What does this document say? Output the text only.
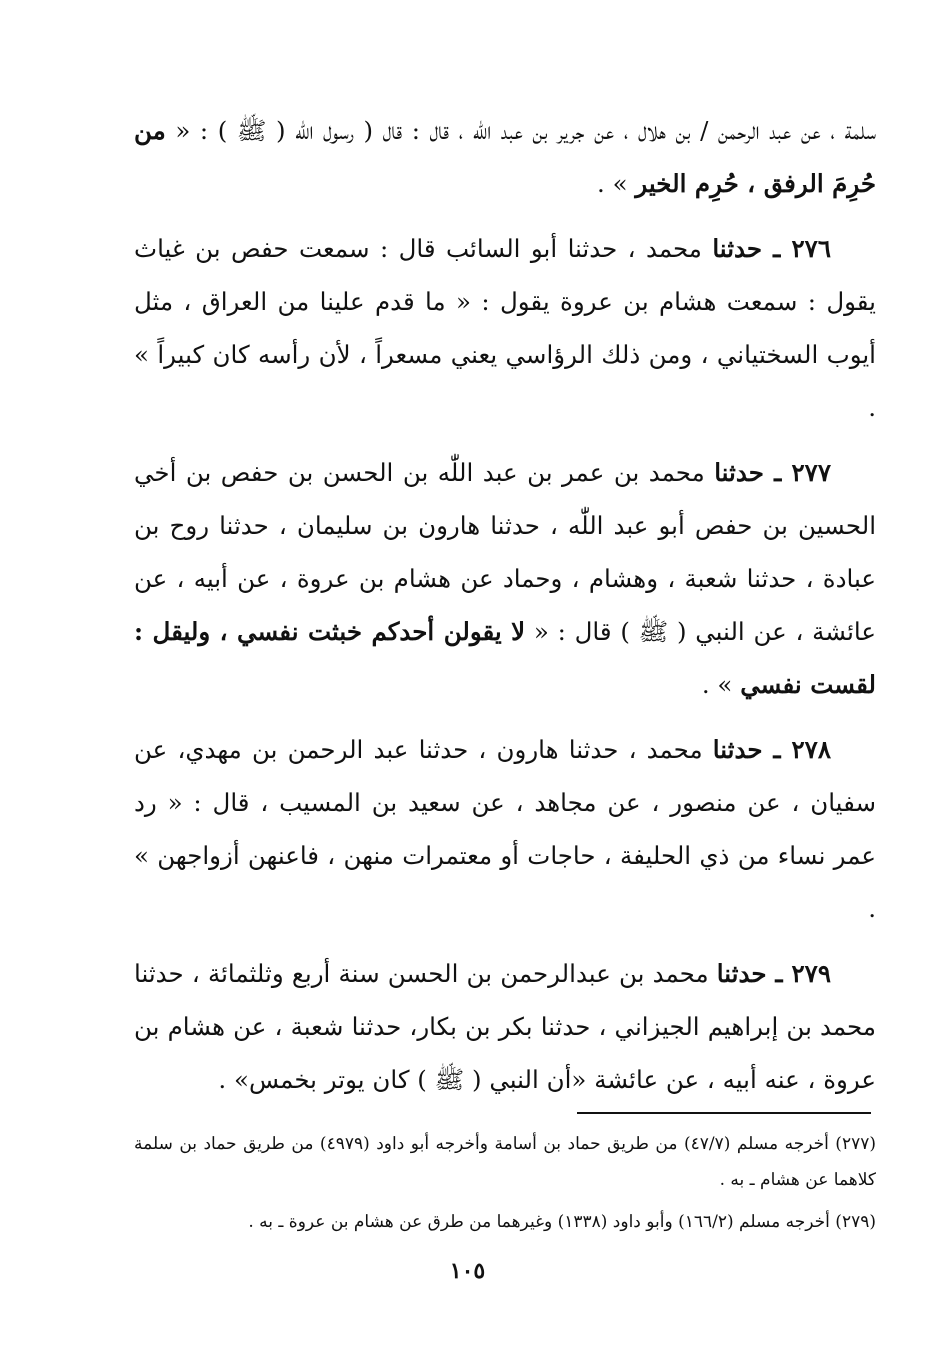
سلمة ، عن عبد الرحمن / بن هلال ، عن جرير بن عبد اللّٰه ، قال : قال ( رسول اللّٰه ( ﷺ ) : « من حُرِمَ الرفق ، حُرِم الخير » .

٢٧٦ ـ حدثنا محمد ، حدثنا أبو السائب قال : سمعت حفص بن غياث يقول : سمعت هشام بن عروة يقول : « ما قدم علينا من العراق ، مثل أيوب السختياني ، ومن ذلك الرؤاسي يعني مسعراً ، لأن رأسه كان كبيراً » .

٢٧٧ ـ حدثنا محمد بن عمر بن عبد اللّٰه بن الحسن بن حفص بن أخي الحسين بن حفص أبو عبد اللّٰه ، حدثنا هارون بن سليمان ، حدثنا روح بن عبادة ، حدثنا شعبة ، وهشام ، وحماد عن هشام بن عروة ، عن أبيه ، عن عائشة ، عن النبي ( ﷺ ) قال : « لا يقولن أحدكم خبثت نفسي ، وليقل : لقست نفسي » .

٢٧٨ ـ حدثنا محمد ، حدثنا هارون ، حدثنا عبد الرحمن بن مهدي، عن سفيان ، عن منصور ، عن مجاهد ، عن سعيد بن المسيب ، قال : « رد عمر نساء من ذي الحليفة ، حاجات أو معتمرات منهن ، فاعنهن أزواجهن » .

٢٧٩ ـ حدثنا محمد بن عبدالرحمن بن الحسن سنة أربع وثلثمائة ، حدثنا محمد بن إبراهيم الجيزاني ، حدثنا بكر بن بكار، حدثنا شعبة ، عن هشام بن عروة ، عنه أبيه ، عن عائشة «أن النبي ( ﷺ ) كان يوتر بخمس» .

(٢٧٧) أخرجه مسلم (٤٧/٧) من طريق حماد بن أسامة وأخرجه أبو داود (٤٩٧٩) من طريق حماد بن سلمة كلاهما عن هشام ـ به .

(٢٧٩) أخرجه مسلم (١٦٦/٢) وأبو داود (١٣٣٨) وغيرهما من طرق عن هشام بن عروة ـ به .

١٠٥
